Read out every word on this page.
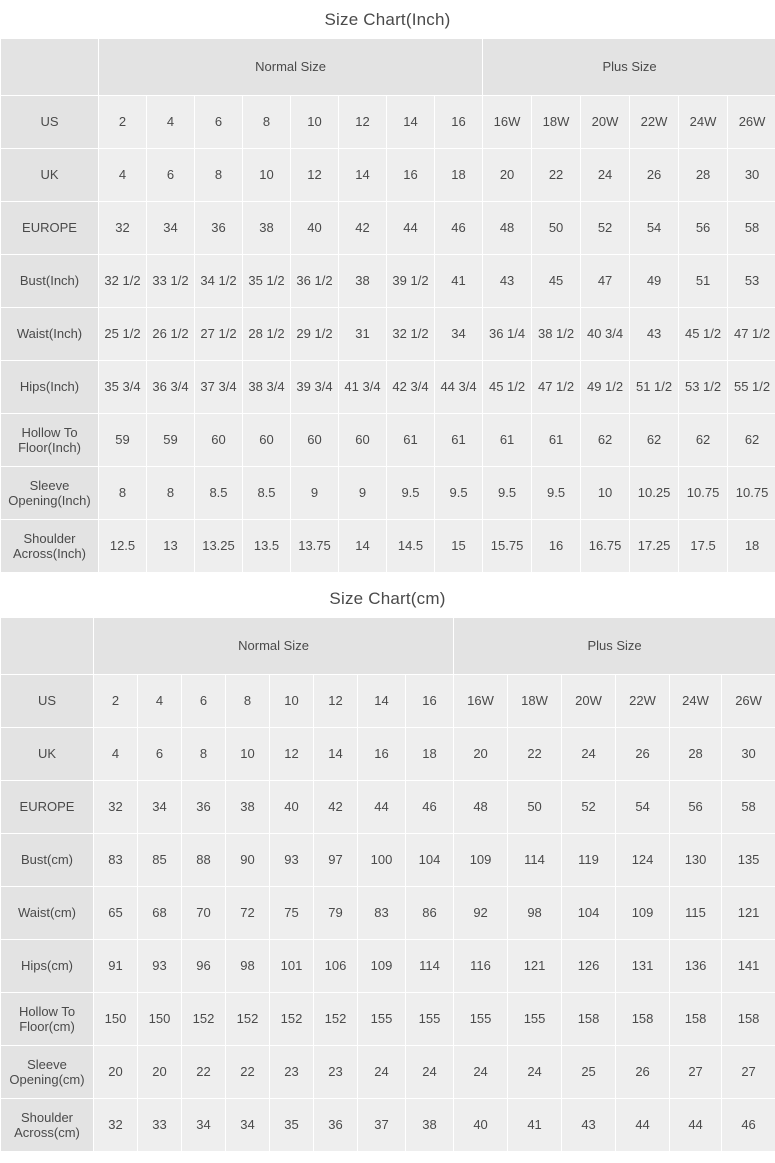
Size Chart(Inch)
	Normal Size								Plus Size					
US	2	4	6	8	10	12	14	16	16W	18W	20W	22W	24W	26W
UK	4	6	8	10	12	14	16	18	20	22	24	26	28	30
EUROPE	32	34	36	38	40	42	44	46	48	50	52	54	56	58
Bust(Inch)	32 1/2	33 1/2	34 1/2	35 1/2	36 1/2	38	39 1/2	41	43	45	47	49	51	53
Waist(Inch)	25 1/2	26 1/2	27 1/2	28 1/2	29 1/2	31	32 1/2	34	36 1/4	38 1/2	40 3/4	43	45 1/2	47 1/2
Hips(Inch)	35 3/4	36 3/4	37 3/4	38 3/4	39 3/4	41 3/4	42 3/4	44 3/4	45 1/2	47 1/2	49 1/2	51 1/2	53 1/2	55 1/2
Hollow To Floor(Inch)	59	59	60	60	60	60	61	61	61	61	62	62	62	62
Sleeve Opening(Inch)	8	8	8.5	8.5	9	9	9.5	9.5	9.5	9.5	10	10.25	10.75	10.75
Shoulder Across(Inch)	12.5	13	13.25	13.5	13.75	14	14.5	15	15.75	16	16.75	17.25	17.5	18
Size Chart(cm)
	Normal Size								Plus Size					
US	2	4	6	8	10	12	14	16	16W	18W	20W	22W	24W	26W
UK	4	6	8	10	12	14	16	18	20	22	24	26	28	30
EUROPE	32	34	36	38	40	42	44	46	48	50	52	54	56	58
Bust(cm)	83	85	88	90	93	97	100	104	109	114	119	124	130	135
Waist(cm)	65	68	70	72	75	79	83	86	92	98	104	109	115	121
Hips(cm)	91	93	96	98	101	106	109	114	116	121	126	131	136	141
Hollow To Floor(cm)	150	150	152	152	152	152	155	155	155	155	158	158	158	158
Sleeve Opening(cm)	20	20	22	22	23	23	24	24	24	24	25	26	27	27
Shoulder Across(cm)	32	33	34	34	35	36	37	38	40	41	43	44	44	46
